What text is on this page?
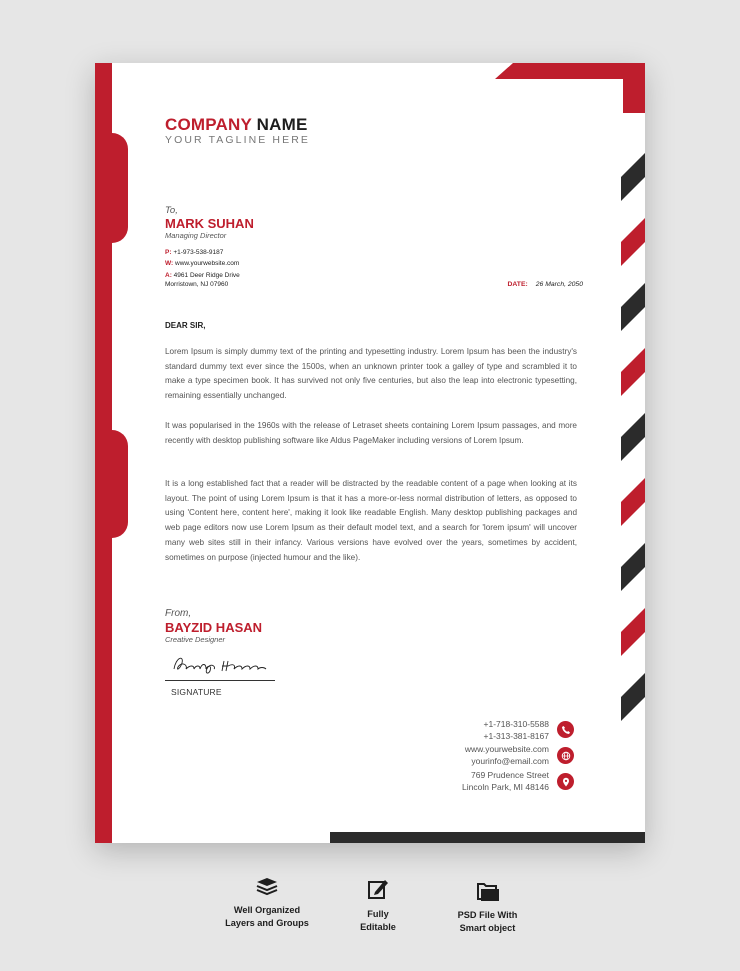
COMPANY NAME
YOUR TAGLINE HERE
To,
MARK SUHAN
Managing Director
P: +1-973-538-9187
W: www.yourwebsite.com
A: 4961 Deer Ridge Drive
Morristown, NJ 07960	DATE: 26 March, 2050
DEAR SIR,
Lorem Ipsum is simply dummy text of the printing and typesetting industry. Lorem Ipsum has been the industry's standard dummy text ever since the 1500s, when an unknown printer took a galley of type and scrambled it to make a type specimen book. It has survived not only five centuries, but also the leap into electronic typesetting, remaining essentially unchanged.
It was popularised in the 1960s with the release of Letraset sheets containing Lorem Ipsum passages, and more recently with desktop publishing software like Aldus PageMaker including versions of Lorem Ipsum.
It is a long established fact that a reader will be distracted by the readable content of a page when looking at its layout. The point of using Lorem Ipsum is that it has a more-or-less normal distribution of letters, as opposed to using 'Content here, content here', making it look like readable English. Many desktop publishing packages and web page editors now use Lorem Ipsum as their default model text, and a search for 'lorem ipsum' will uncover many web sites still in their infancy. Various versions have evolved over the years, sometimes by accident, sometimes on purpose (injected humour and the like).
From,
BAYZID HASAN
Creative Designer
SIGNATURE
+1-718-310-5588
+1-313-381-8167
www.yourwebsite.com
yourinfo@email.com
769 Prudence Street
Lincoln Park, MI 48146
Well Organized
Layers and Groups
Fully
Editable
PSD File With
Smart object
